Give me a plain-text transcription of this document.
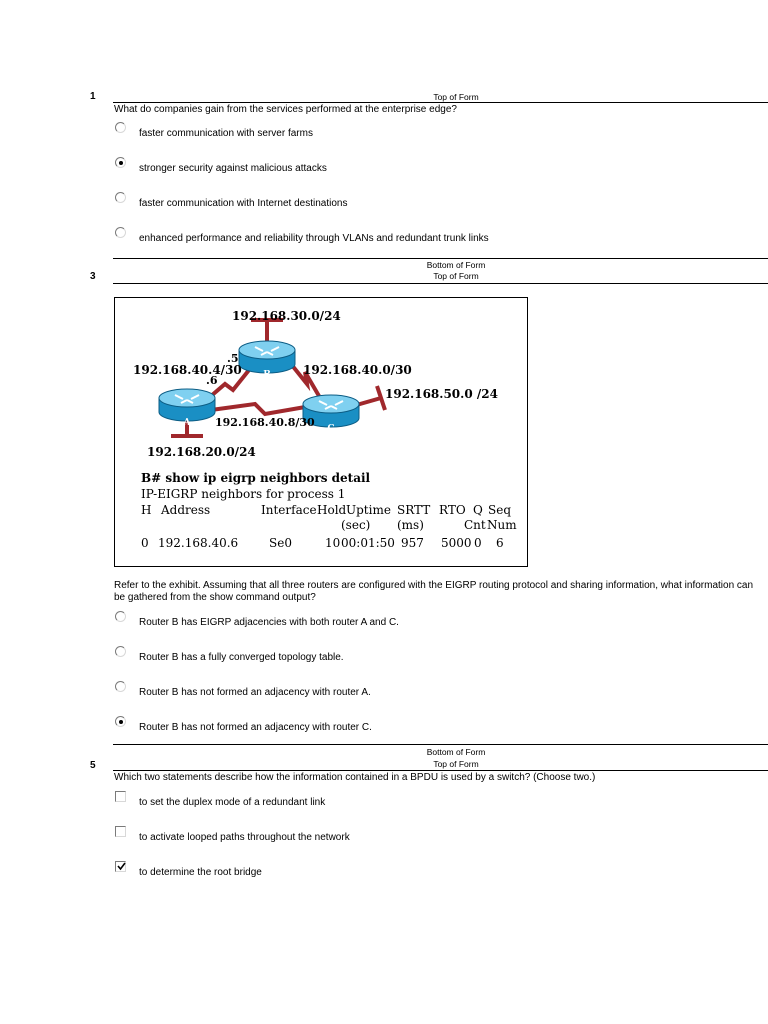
1	Top of Form
What do companies gain from the services performed at the enterprise edge?
faster communication with server farms
stronger security against malicious attacks
faster communication with Internet destinations
enhanced performance and reliability through VLANs and redundant trunk links
Bottom of Form
3	Top of Form
B
A
C
192.168.30.0/24
192.168.40.4/30
.5
.6
192.168.40.0/30
192.168.50.0 /24
192.168.40.8/30
192.168.20.0/24
B# show ip eigrp neighbors detail
IP-EIGRP neighbors for process 1
H Address	Interface Hold Uptime SRTT RTO Q Seq
(sec) (ms)	Cnt Num
0 192.168.40.6	Se0	10 00:01:50 957 5000 0 6
Refer to the exhibit. Assuming that all three routers are configured with the EIGRP routing protocol and sharing information, what information can be gathered from the show command output?
Router B has EIGRP adjacencies with both router A and C.
Router B has a fully converged topology table.
Router B has not formed an adjacency with router A.
Router B has not formed an adjacency with router C.
Bottom of Form
5	Top of Form
Which two statements describe how the information contained in a BPDU is used by a switch? (Choose two.)
to set the duplex mode of a redundant link
to activate looped paths throughout the network
to determine the root bridge
